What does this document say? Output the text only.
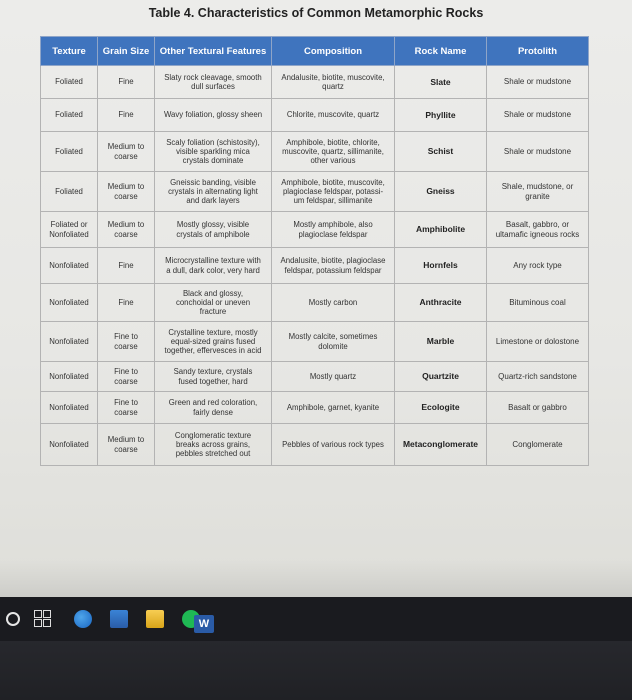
Table 4. Characteristics of Common Metamorphic Rocks
Texture	Grain Size	Other Textural Features	Composition	Rock Name	Protolith
Foliated	Fine	Slaty rock cleavage, smooth
dull surfaces	Andalusite, biotite, muscovite,
quartz	Slate	Shale or mudstone
Foliated	Fine	Wavy foliation, glossy sheen	Chlorite, muscovite, quartz	Phyllite	Shale or mudstone
Foliated	Medium to
coarse	Scaly foliation (schistosity),
visible sparkling mica
crystals dominate	Amphibole, biotite, chlorite,
muscovite, quartz, sillimanite,
other various	Schist	Shale or mudstone
Foliated	Medium to
coarse	Gneissic banding, visible
crystals in alternating light
and dark layers	Amphibole, biotite, muscovite,
plagioclase feldspar, potassi-
um feldspar, sillimanite	Gneiss	Shale, mudstone, or
granite
Foliated or
Nonfoliated	Medium to
coarse	Mostly glossy, visible
crystals of amphibole	Mostly amphibole, also
plagioclase feldspar	Amphibolite	Basalt, gabbro, or
ultamafic igneous rocks
Nonfoliated	Fine	Microcrystalline texture with
a dull, dark color, very hard	Andalusite, biotite, plagioclase
feldspar, potassium feldspar	Hornfels	Any rock type
Nonfoliated	Fine	Black and glossy,
conchoidal or uneven
fracture	Mostly carbon	Anthracite	Bituminous coal
Nonfoliated	Fine to
coarse	Crystalline texture, mostly
equal-sized grains fused
together, effervesces in acid	Mostly calcite, sometimes
dolomite	Marble	Limestone or dolostone
Nonfoliated	Fine to
coarse	Sandy texture, crystals
fused together, hard	Mostly quartz	Quartzite	Quartz-rich sandstone
Nonfoliated	Fine to
coarse	Green and red coloration,
fairly dense	Amphibole, garnet, kyanite	Ecologite	Basalt or gabbro
Nonfoliated	Medium to
coarse	Conglomeratic texture
breaks across grains,
pebbles stretched out	Pebbles of various rock types	Metaconglomerate	Conglomerate
W
